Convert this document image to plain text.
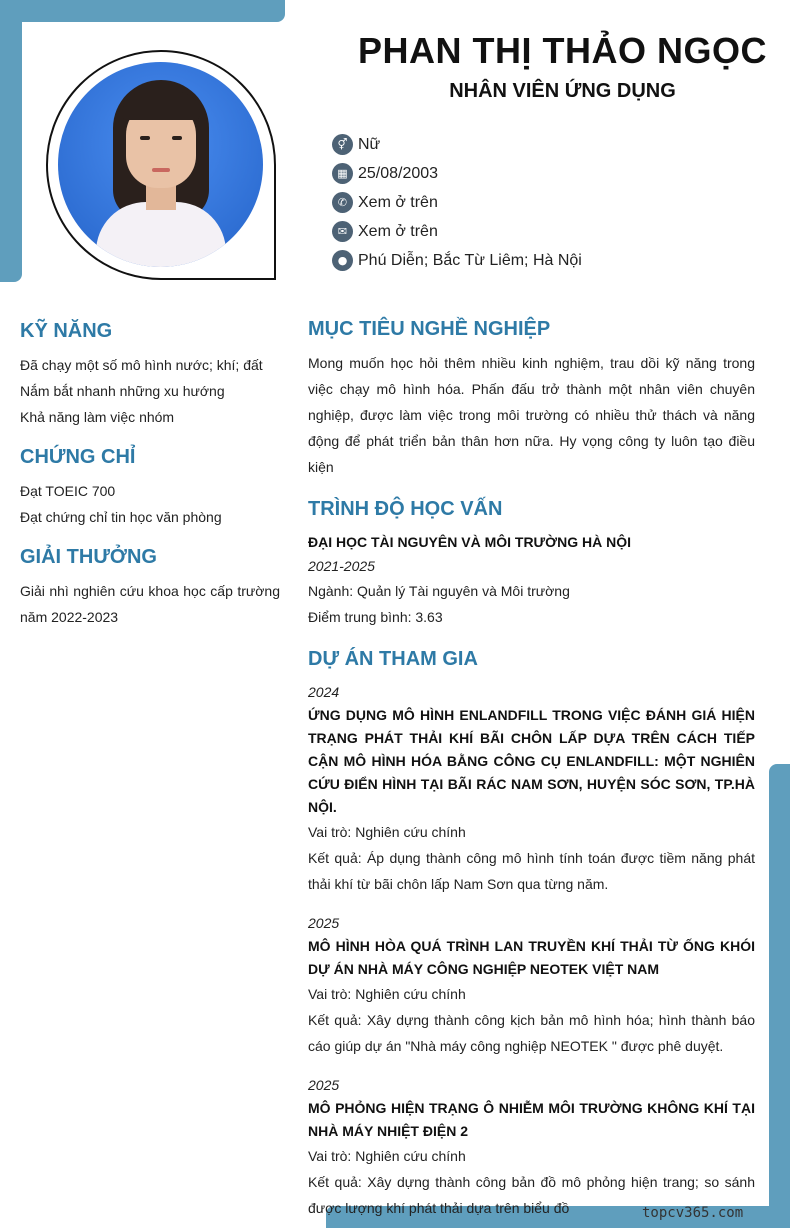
PHAN THỊ THẢO NGỌC
NHÂN VIÊN ỨNG DỤNG
⚥ Nữ
▦ 25/08/2003
✆ Xem ở trên
✉ Xem ở trên
● Phú Diễn; Bắc Từ Liêm; Hà Nội
KỸ NĂNG
Đã chạy một số mô hình nước; khí; đất
Nắm bắt nhanh những xu hướng
Khả năng làm việc nhóm
CHỨNG CHỈ
Đạt TOEIC 700
Đạt chứng chỉ tin học văn phòng
GIẢI THƯỞNG
Giải nhì nghiên cứu khoa học cấp trường năm 2022-2023
MỤC TIÊU NGHỀ NGHIỆP
Mong muốn học hỏi thêm nhiều kinh nghiệm, trau dồi kỹ năng trong việc chạy mô hình hóa. Phấn đấu trở thành một nhân viên chuyên nghiệp, được làm việc trong môi trường có nhiều thử thách và năng động để phát triển bản thân hơn nữa. Hy vọng công ty luôn tạo điều kiện
TRÌNH ĐỘ HỌC VẤN
ĐẠI HỌC TÀI NGUYÊN VÀ MÔI TRƯỜNG HÀ NỘI
2021-2025
Ngành: Quản lý Tài nguyên và Môi trường
Điểm trung bình: 3.63
DỰ ÁN THAM GIA
2024
ỨNG DỤNG MÔ HÌNH ENLANDFILL TRONG VIỆC ĐÁNH GIÁ HIỆN TRẠNG PHÁT THẢI KHÍ BÃI CHÔN LẤP DỰA TRÊN CÁCH TIẾP CẬN MÔ HÌNH HÓA BẰNG CÔNG CỤ ENLANDFILL: MỘT NGHIÊN CỨU ĐIỂN HÌNH TẠI BÃI RÁC NAM SƠN, HUYỆN SÓC SƠN, TP.HÀ NỘI.
Vai trò: Nghiên cứu chính
Kết quả: Áp dụng thành công mô hình tính toán được tiềm năng phát thải khí từ bãi chôn lấp Nam Sơn qua từng năm.
2025
MÔ HÌNH HÒA QUÁ TRÌNH LAN TRUYỀN KHÍ THẢI TỪ ỐNG KHÓI DỰ ÁN NHÀ MÁY CÔNG NGHIỆP NEOTEK VIỆT NAM
Vai trò: Nghiên cứu chính
Kết quả: Xây dựng thành công kịch bản mô hình hóa; hình thành báo cáo giúp dự án "Nhà máy công nghiệp NEOTEK " được phê duyệt.
2025
MÔ PHỎNG HIỆN TRẠNG Ô NHIỄM MÔI TRƯỜNG KHÔNG KHÍ TẠI NHÀ MÁY NHIỆT ĐIỆN 2
Vai trò: Nghiên cứu chính
Kết quả: Xây dựng thành công bản đồ mô phỏng hiện trang; so sánh được lượng khí phát thải dựa trên biểu đồ	topcv365.com
